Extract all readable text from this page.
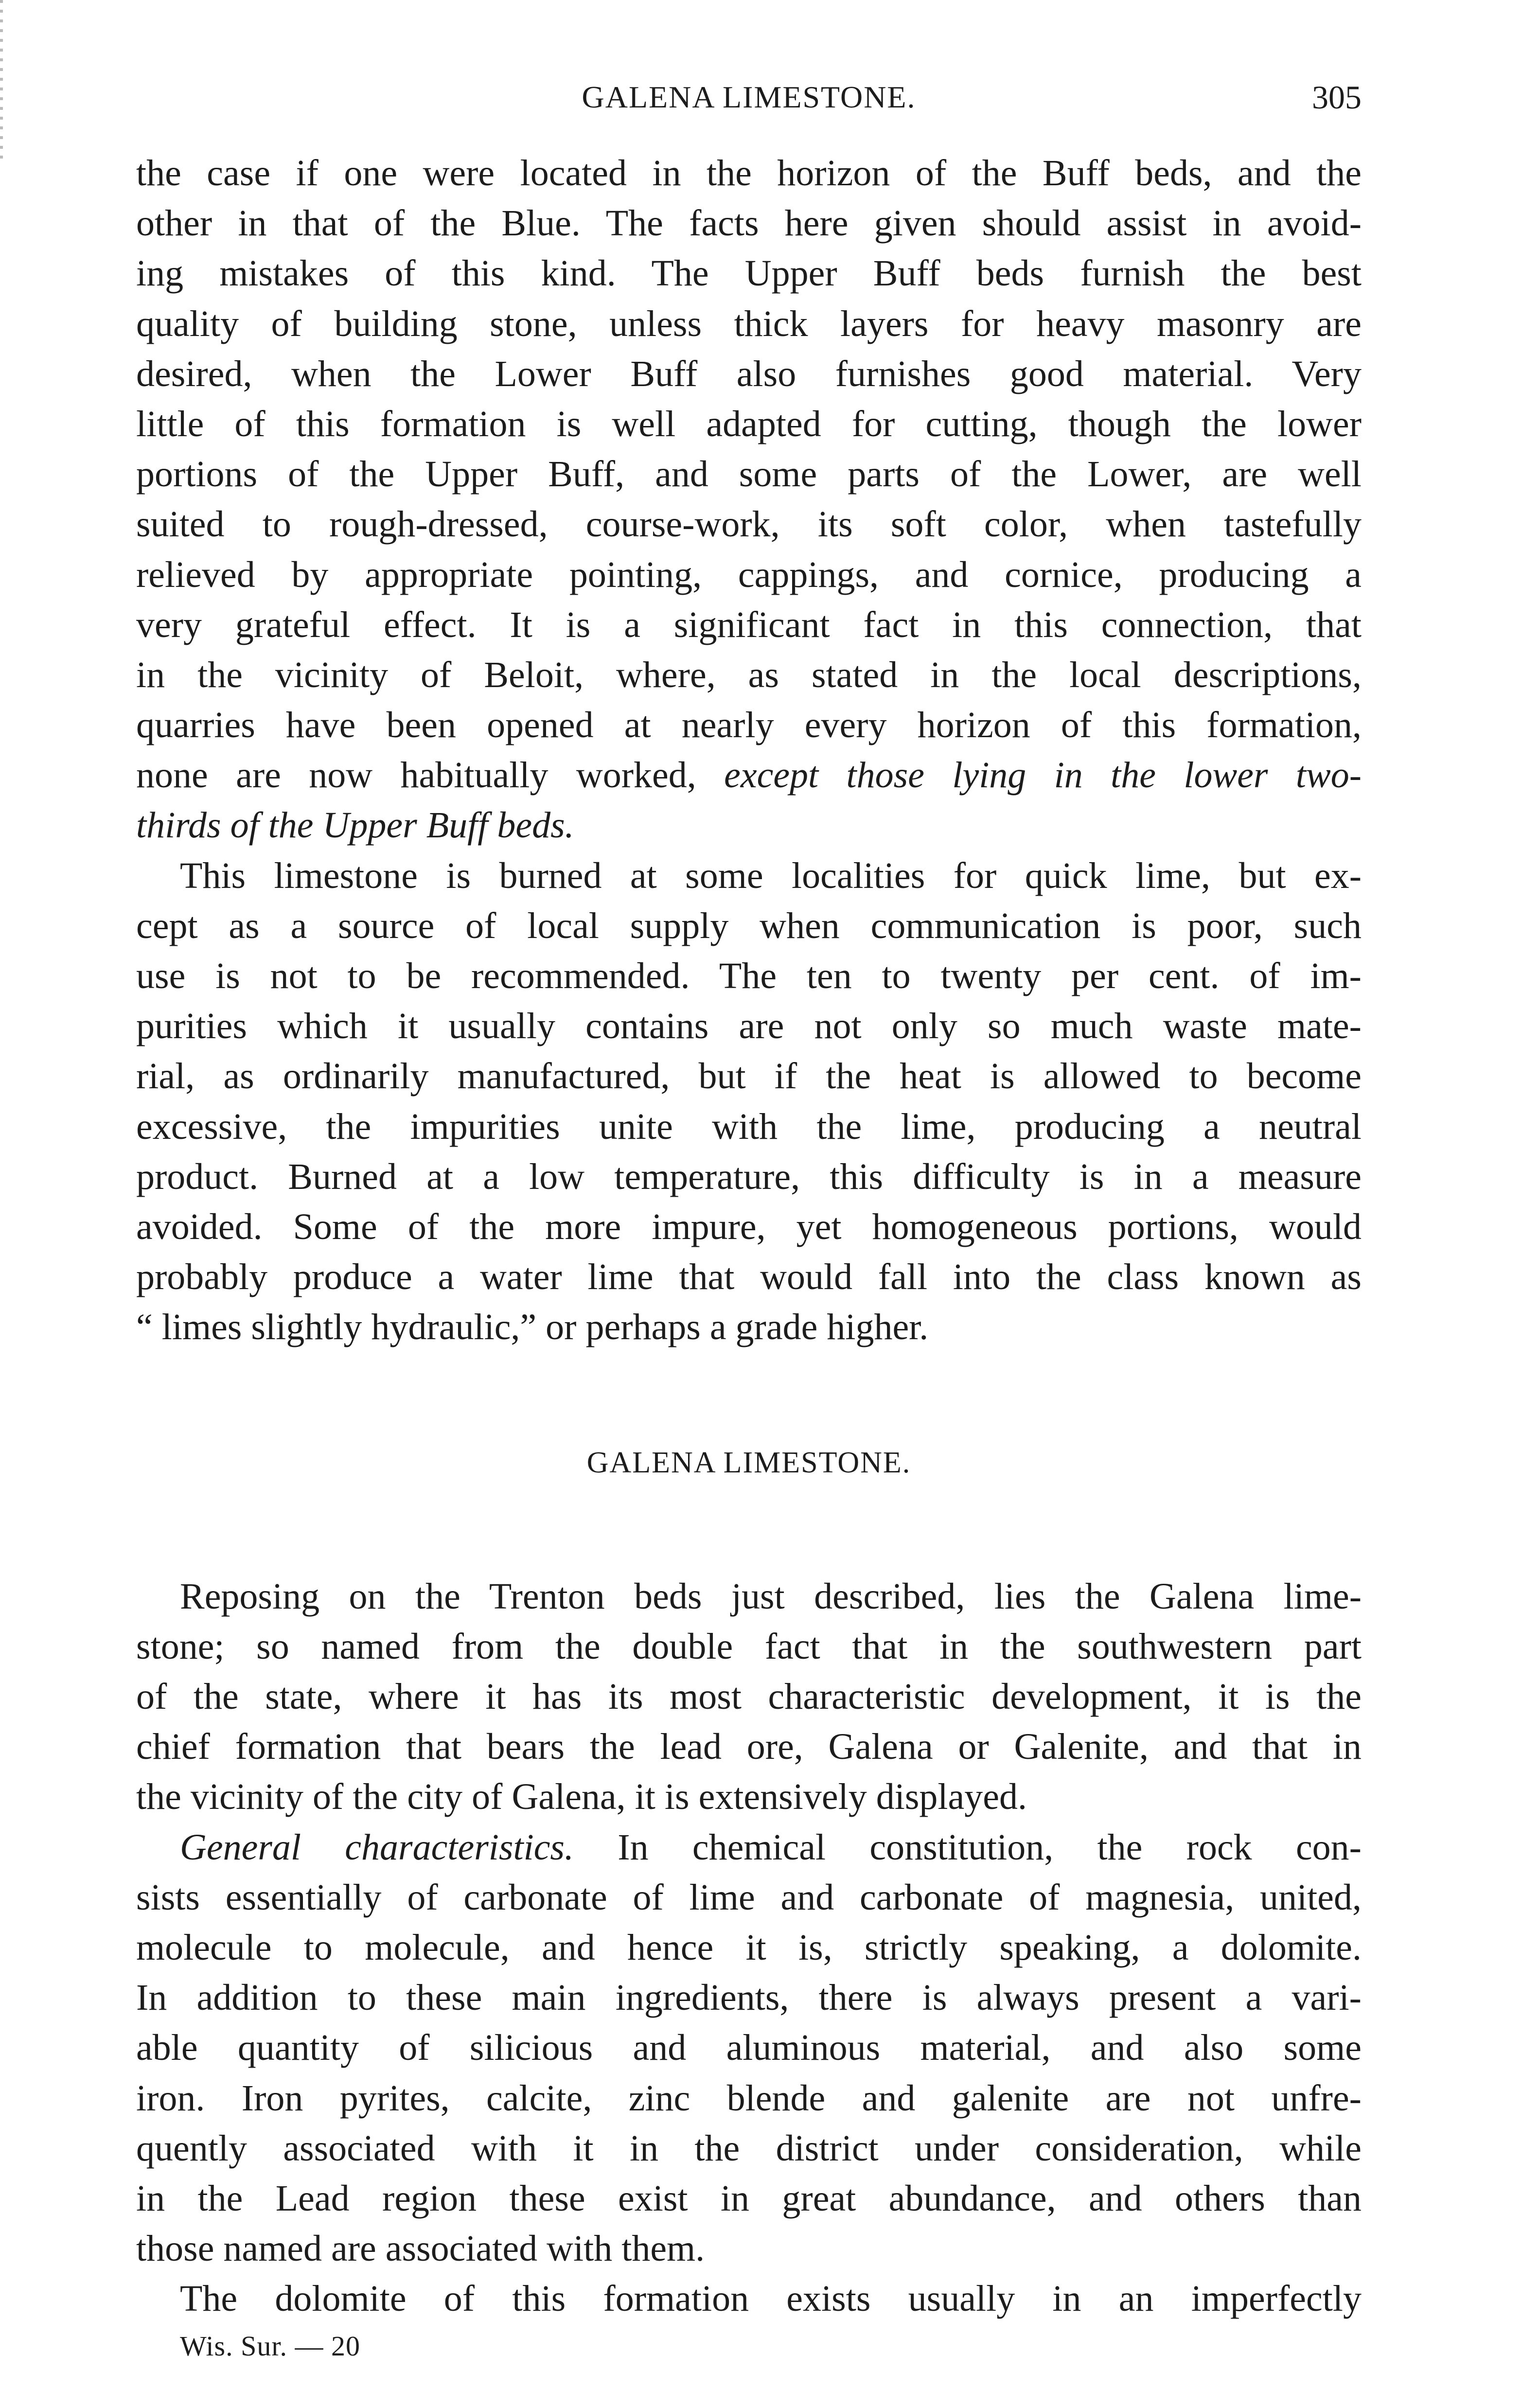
GALENA LIMESTONE.	305
the case if one were located in the horizon of the Buff beds, and the
other in that of the Blue. The facts here given should assist in avoid-
ing mistakes of this kind. The Upper Buff beds furnish the best
quality of building stone, unless thick layers for heavy masonry are
desired, when the Lower Buff also furnishes good material. Very
little of this formation is well adapted for cutting, though the lower
portions of the Upper Buff, and some parts of the Lower, are well
suited to rough-dressed, course-work, its soft color, when tastefully
relieved by appropriate pointing, cappings, and cornice, producing a
very grateful effect. It is a significant fact in this connection, that
in the vicinity of Beloit, where, as stated in the local descriptions,
quarries have been opened at nearly every horizon of this formation,
none are now habitually worked, except those lying in the lower two-
thirds of the Upper Buff beds.
This limestone is burned at some localities for quick lime, but ex-
cept as a source of local supply when communication is poor, such
use is not to be recommended. The ten to twenty per cent. of im-
purities which it usually contains are not only so much waste mate-
rial, as ordinarily manufactured, but if the heat is allowed to become
excessive, the impurities unite with the lime, producing a neutral
product. Burned at a low temperature, this difficulty is in a measure
avoided. Some of the more impure, yet homogeneous portions, would
probably produce a water lime that would fall into the class known as
“ limes slightly hydraulic,” or perhaps a grade higher.
GALENA LIMESTONE.
Reposing on the Trenton beds just described, lies the Galena lime-
stone; so named from the double fact that in the southwestern part
of the state, where it has its most characteristic development, it is the
chief formation that bears the lead ore, Galena or Galenite, and that in
the vicinity of the city of Galena, it is extensively displayed.
General characteristics. In chemical constitution, the rock con-
sists essentially of carbonate of lime and carbonate of magnesia, united,
molecule to molecule, and hence it is, strictly speaking, a dolomite.
In addition to these main ingredients, there is always present a vari-
able quantity of silicious and aluminous material, and also some
iron. Iron pyrites, calcite, zinc blende and galenite are not unfre-
quently associated with it in the district under consideration, while
in the Lead region these exist in great abundance, and others than
those named are associated with them.
The dolomite of this formation exists usually in an imperfectly
Wis. Sur. — 20
